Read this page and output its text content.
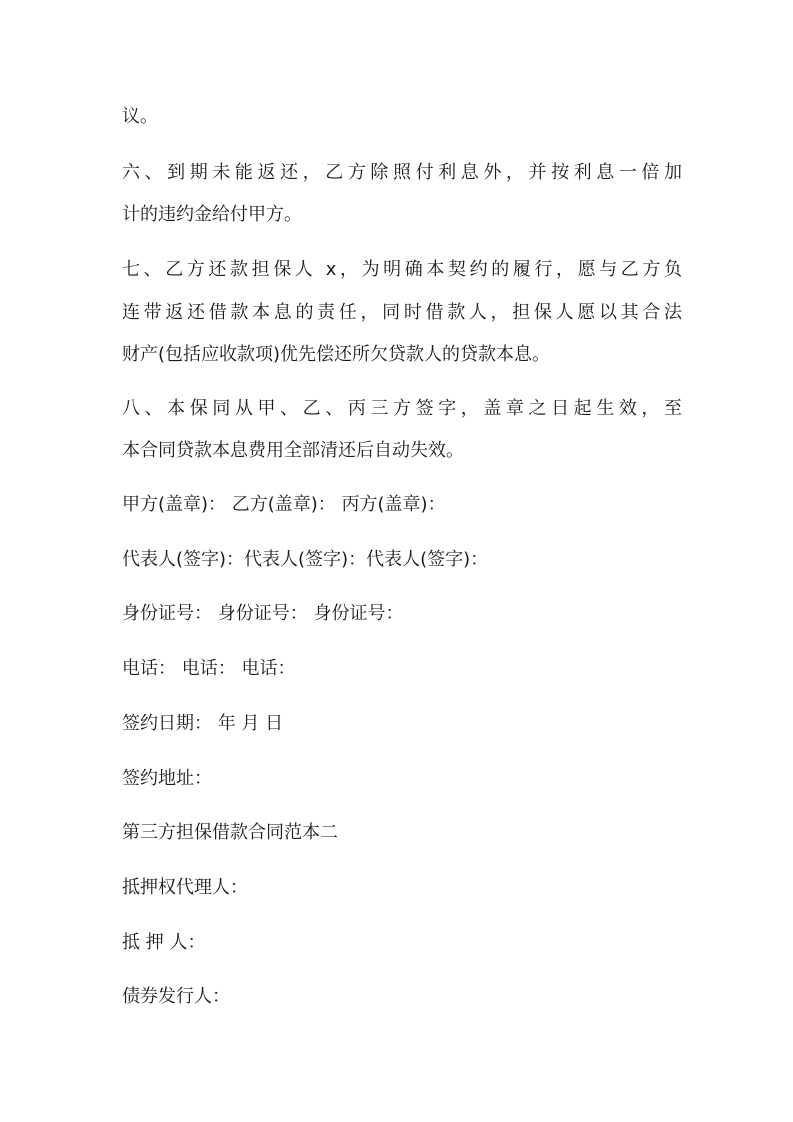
议。
六、到期未能返还，乙方除照付利息外，并按利息一倍加
计的违约金给付甲方。
七、乙方还款担保人 x，为明确本契约的履行，愿与乙方负
连带返还借款本息的责任，同时借款人，担保人愿以其合法
财产(包括应收款项)优先偿还所欠贷款人的贷款本息。
八、本保同从甲、乙、丙三方签字，盖章之日起生效，至
本合同贷款本息费用全部清还后自动失效。
甲方(盖章)： 乙方(盖章)： 丙方(盖章)：
代表人(签字)：代表人(签字)：代表人(签字)：
身份证号： 身份证号： 身份证号：
电话： 电话： 电话：
签约日期： 年 月 日
签约地址：
第三方担保借款合同范本二
抵押权代理人：
抵 押 人：
债券发行人：
